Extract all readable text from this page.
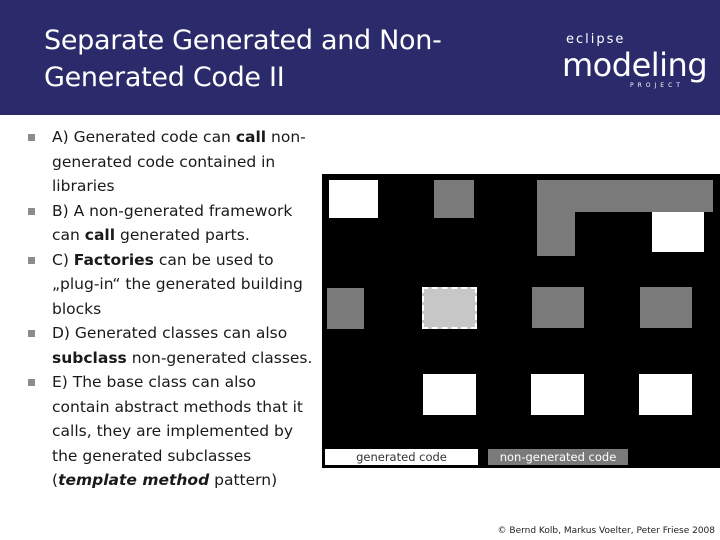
Separate Generated and Non-
Generated Code II
eclipse
modeling
PROJECT
A) Generated code can call non-generated code contained in libraries
B) A non-generated framework can call generated parts.
C) Factories can be used to „plug-in“ the generated building blocks
D) Generated classes can also subclass non-generated classes.
E) The base class can also contain abstract methods that it calls, they are implemented by the generated subclasses (template method pattern)
generated code	non-generated code
© Bernd Kolb, Markus Voelter, Peter Friese 2008
